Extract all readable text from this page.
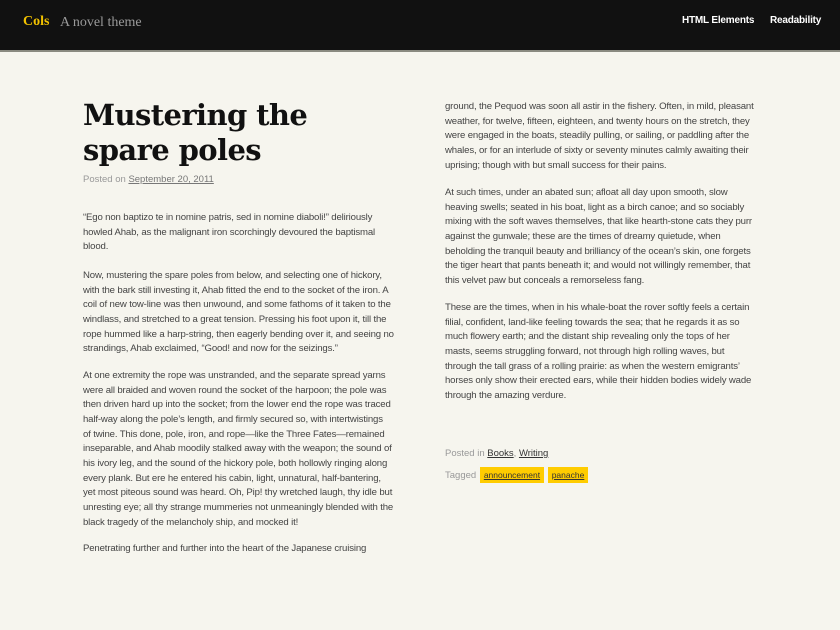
Cols A novel theme	HTML Elements Readability
Mustering the
spare poles
Posted on September 20, 2011
“Ego non baptizo te in nomine patris, sed in nomine diaboli!” deliriously
howled Ahab, as the malignant iron scorchingly devoured the baptismal
blood.
Now, mustering the spare poles from below, and selecting one of hickory,
with the bark still investing it, Ahab fitted the end to the socket of the iron. A
coil of new tow-line was then unwound, and some fathoms of it taken to the
windlass, and stretched to a great tension. Pressing his foot upon it, till the
rope hummed like a harp-string, then eagerly bending over it, and seeing no
strandings, Ahab exclaimed, “Good! and now for the seizings.”
At one extremity the rope was unstranded, and the separate spread yarns
were all braided and woven round the socket of the harpoon; the pole was
then driven hard up into the socket; from the lower end the rope was traced
half-way along the pole’s length, and firmly secured so, with intertwistings
of twine. This done, pole, iron, and rope—like the Three Fates—remained
inseparable, and Ahab moodily stalked away with the weapon; the sound of
his ivory leg, and the sound of the hickory pole, both hollowly ringing along
every plank. But ere he entered his cabin, light, unnatural, half-bantering,
yet most piteous sound was heard. Oh, Pip! thy wretched laugh, thy idle but
unresting eye; all thy strange mummeries not unmeaningly blended with the
black tragedy of the melancholy ship, and mocked it!
Penetrating further and further into the heart of the Japanese cruising
ground, the Pequod was soon all astir in the fishery. Often, in mild, pleasant
weather, for twelve, fifteen, eighteen, and twenty hours on the stretch, they
were engaged in the boats, steadily pulling, or sailing, or paddling after the
whales, or for an interlude of sixty or seventy minutes calmly awaiting their
uprising; though with but small success for their pains.
At such times, under an abated sun; afloat all day upon smooth, slow
heaving swells; seated in his boat, light as a birch canoe; and so sociably
mixing with the soft waves themselves, that like hearth-stone cats they purr
against the gunwale; these are the times of dreamy quietude, when
beholding the tranquil beauty and brilliancy of the ocean’s skin, one forgets
the tiger heart that pants beneath it; and would not willingly remember, that
this velvet paw but conceals a remorseless fang.
These are the times, when in his whale-boat the rover softly feels a certain
filial, confident, land-like feeling towards the sea; that he regards it as so
much flowery earth; and the distant ship revealing only the tops of her
masts, seems struggling forward, not through high rolling waves, but
through the tall grass of a rolling prairie: as when the western emigrants’
horses only show their erected ears, while their hidden bodies widely wade
through the amazing verdure.
Posted in Books, Writing
Tagged announcement panache
